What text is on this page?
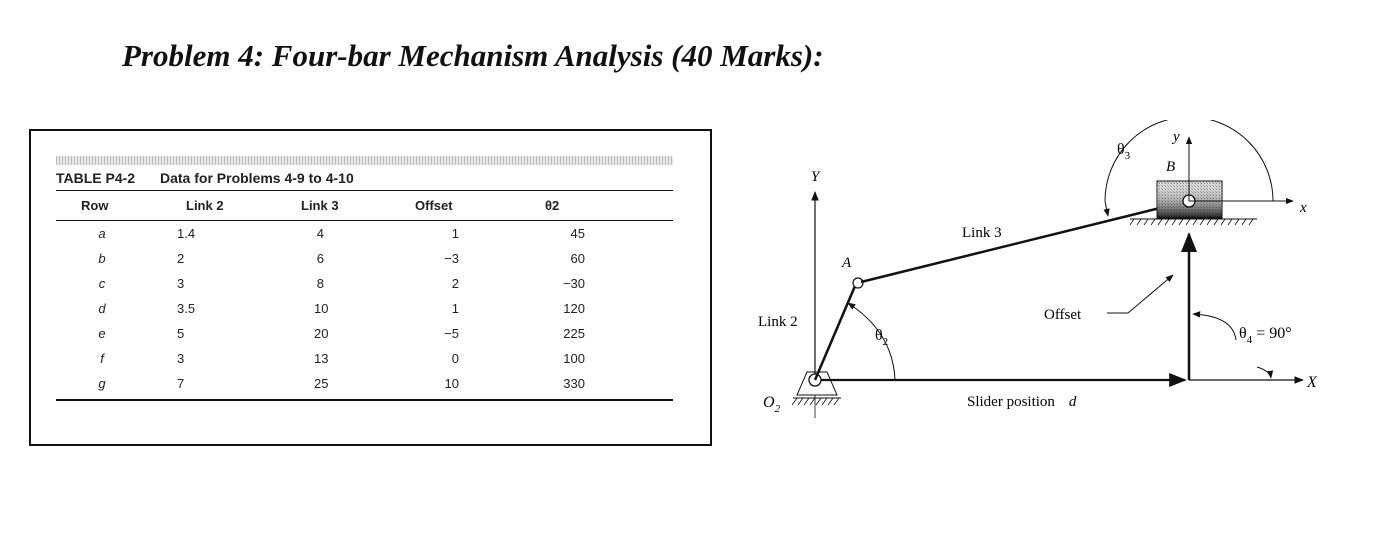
Problem 4: Four-bar Mechanism Analysis (40 Marks):
TABLE P4-2 Data for Problems 4-9 to 4-10
Row	Link 2	Link 3	Offset	θ2
a	1.4	4	1	45
b	2	6	−3	60
c	3	8	2	−30
d	3.5	10	1	120
e	5	20	−5	225
f	3	13	0	100
g	7	25	10	330
Y
$O_2$
X
Slider position d
A
Link 2
$\theta_2$
Link 3
B
y
x
$\theta_3$
Offset
$\theta_4 = 90^\circ$
